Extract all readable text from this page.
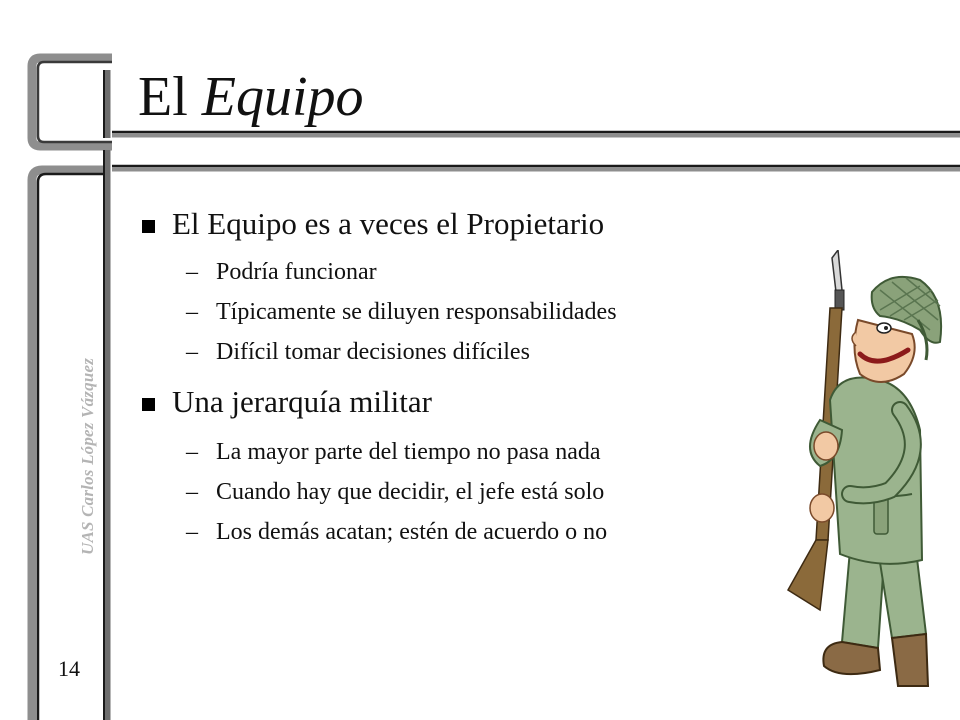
El Equipo
UAS Carlos López Vázquez
14
El Equipo es a veces el Propietario
– Podría funcionar
– Típicamente se diluyen responsabilidades
– Difícil tomar decisiones difíciles
Una jerarquía militar
– La mayor parte del tiempo no pasa nada
– Cuando hay que decidir, el jefe está solo
– Los demás acatan; estén de acuerdo o no
